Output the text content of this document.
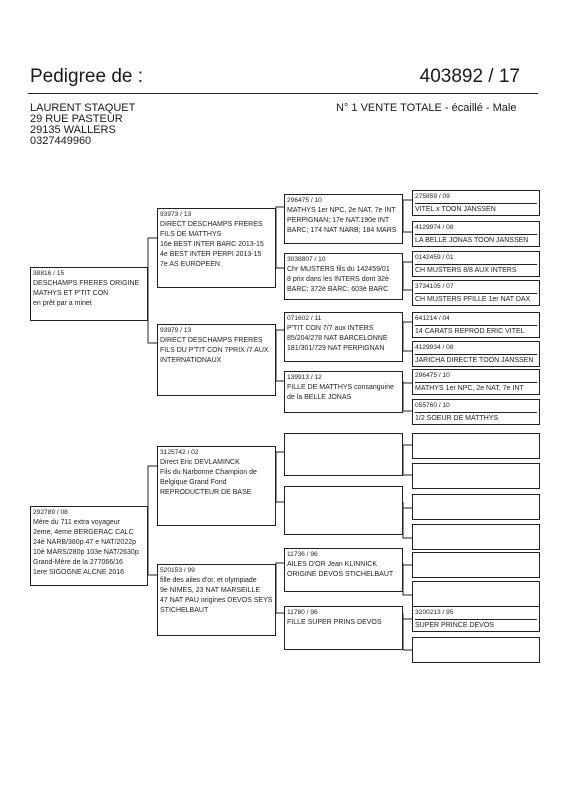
Pedigree de :	403892 / 17
LAURENT STAQUET
29 RUE PASTEUR
29135 WALLERS
0327449960
N° 1 VENTE TOTALE - écaillé - Male
38816 / 15
DESCHAMPS FRERES ORIGINE
MATHYS ET P'TIT CON
en prêt par a minet
292789 / 08
Mère du 711 extra voyageur
2eme, 4eme BERGERAC CALC
24è NARB/380p 47 e NAT/2022p
10è MARS/280p 103e NAT/2630p
Grand-Mère de la 277066/16
1ere SIGOGNE ALCNE 2016
93973 / 13
DIRECT DESCHAMPS FRERES
FILS DE MATTHYS
16e BEST INTER BARC 2013-15
4e BEST INTER PERPI 2013-15
7e AS EUROPEEN
93979 / 13
DIRECT DESCHAMPS FRERES
FILS DU P'TIT CON 7PRIX /7 AUX
INTERNATIONAUX
3125742 / 02
Direct Eric DEVLAMINCK
Fils du Narbonne Champion de
Belgique Grand Fond
REPRODUCTEUR DE BASE
520153 / 99
fille des ailes d'or, et olympiade
9e NIMES, 23 NAT MARSEILLE
47 NAT PAU origines DEVOS SEYS
STICHELBAUT
296475 / 10
MATHYS 1er NPC, 2e NAT, 7e INT
PERPIGNAN; 17e NAT.190e INT
BARC; 174 NAT NARB; 184 MARS
3038807 / 10
Chr MUSTERS fils du 142459/01
8 prix dans les INTERS dont 32è
BARC; 372è BARC; 603è BARC
071602 / 11
P'TIT CON 7/7 aux INTERS
85/204/278 NAT BARCELONNE
181/301/729 NAT PERPIGNAN
139913 / 12
FILLE DE MATTHYS consanguine
de la BELLE JONAS
11736 / 96
AILES D'OR Jean KLINNICK
ORIGINE DEVOS STICHELBAUT
11780 / 96
FILLE SUPER PRINS DEVOS
275859 / 09
VITEL x TOON JANSSEN
4129974 / 08
LA BELLE JONAS TOON JANSSEN
0142459 / 01
CH MUSTERS 8/8 AUX INTERS
3734105 / 07
CH MUSTERS PFILLE 1er NAT DAX
641214 / 04
14 CARATS REPROD ERIC VITEL
4129934 / 08
JARICHA DIRECTE TOON JANSSEN
296475 / 10
MATHYS 1er NPC, 2e NAT, 7e INT
055760 / 10
1/2 SOEUR DE MATTHYS
3200213 / 95
SUPER PRINCE DEVOS
